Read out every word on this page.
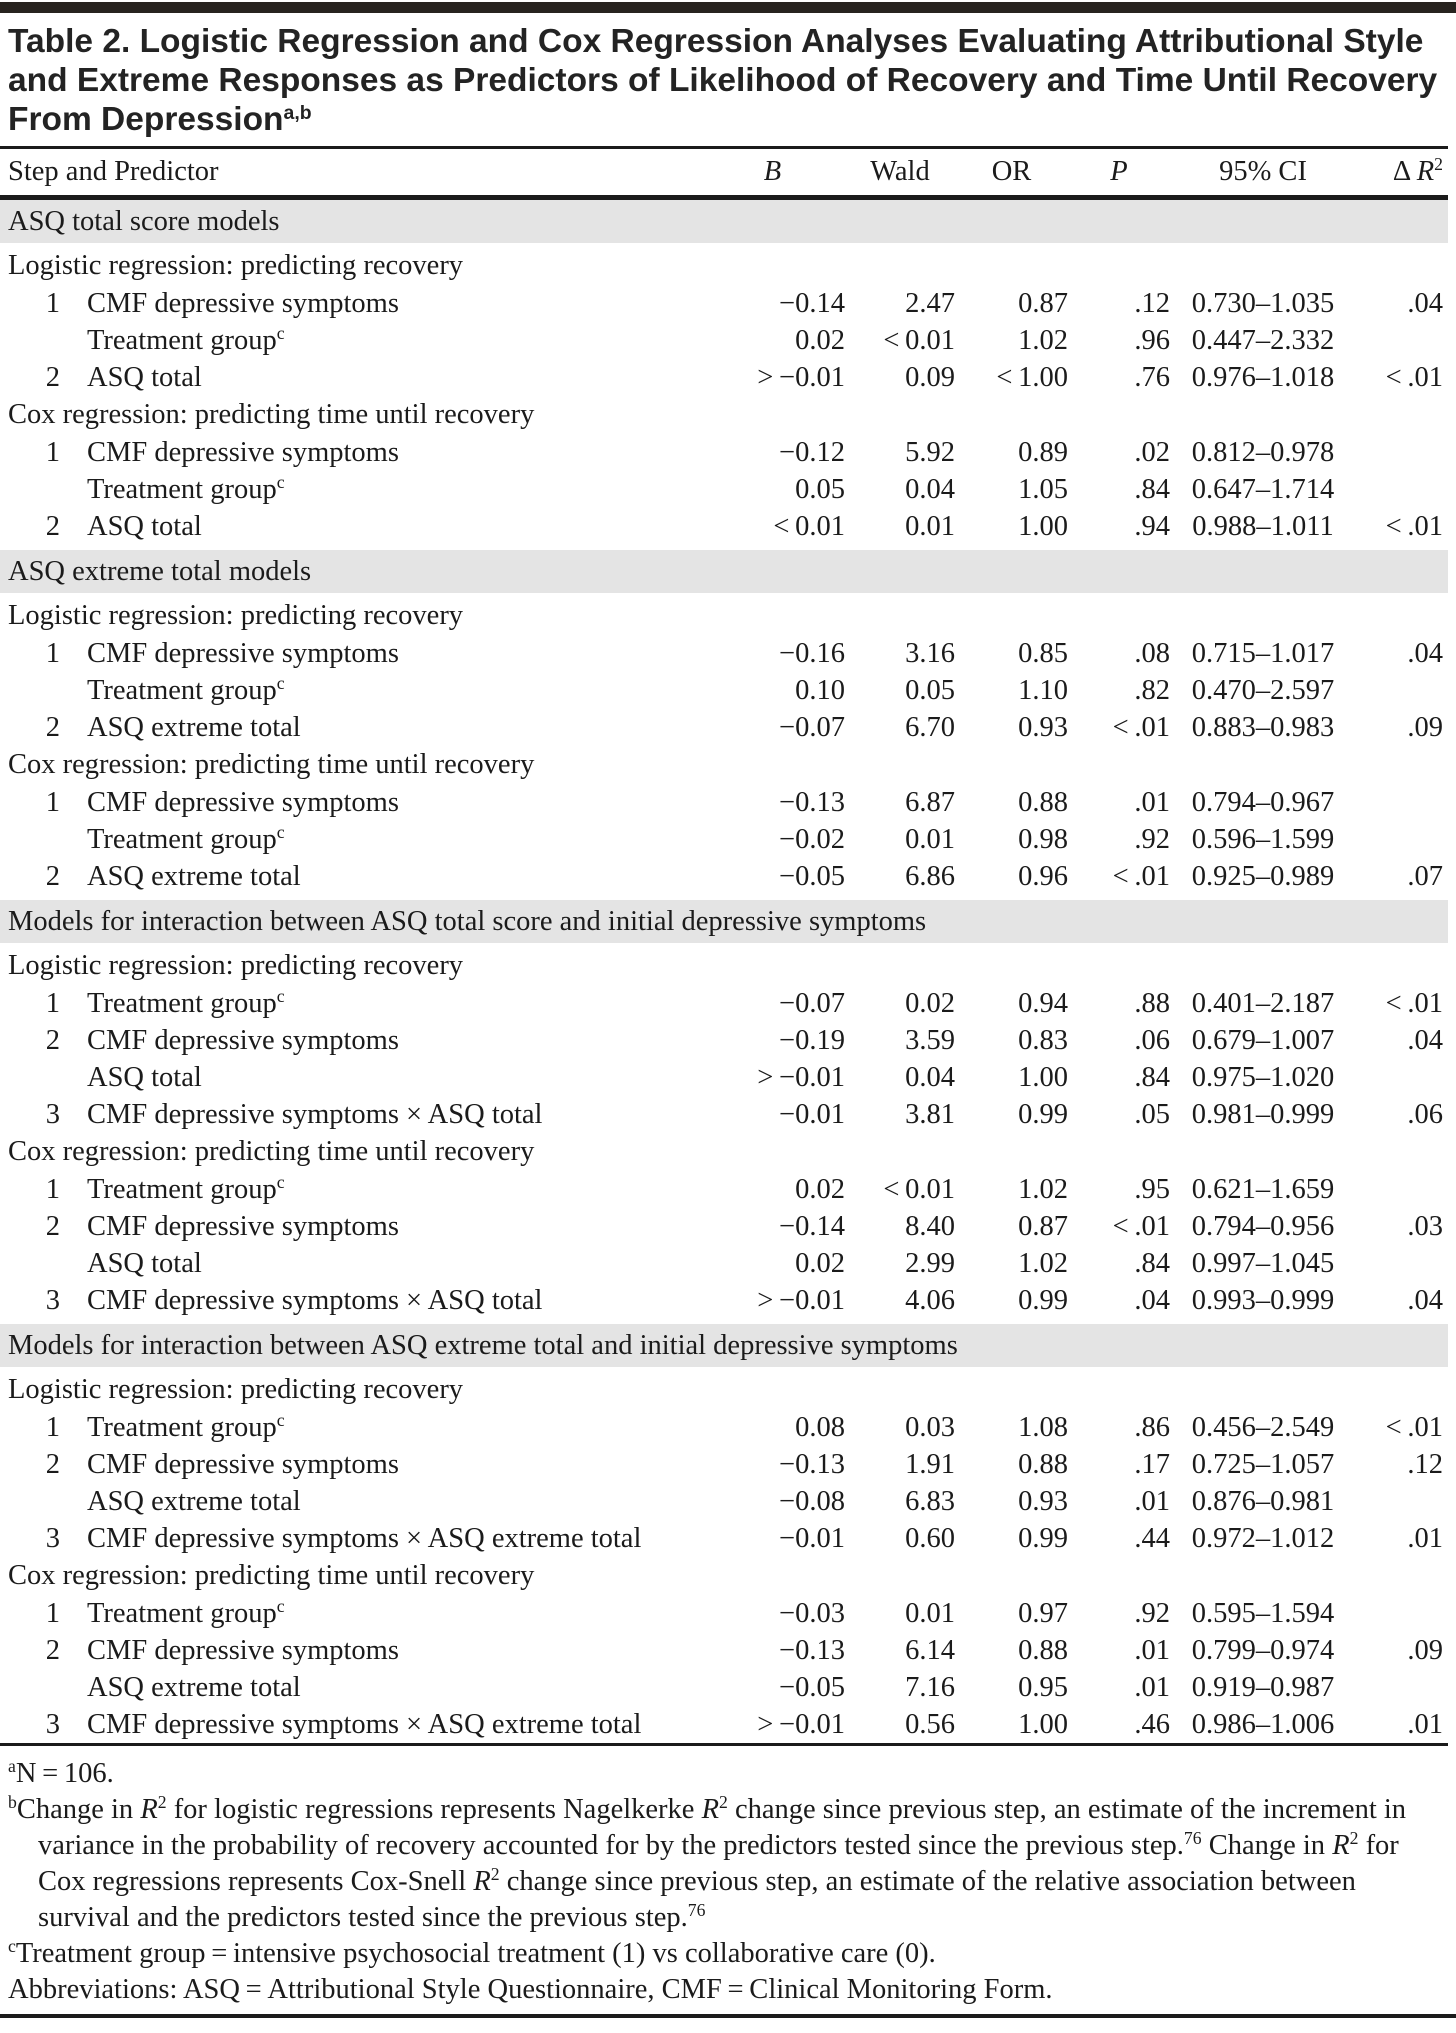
Table 2. Logistic Regression and Cox Regression Analyses Evaluating Attributional Style and Extreme Responses as Predictors of Likelihood of Recovery and Time Until Recovery From Depression$^{a,b}$
Step and Predictor	B	Wald	OR	P	95% CI	Δ $R^2$
ASQ total score models						
Logistic regression: predicting recovery						
1 CMF depressive symptoms	−0.14	2.47	0.87	.12	0.730–1.035	.04
Treatment group$^c$	0.02	< 0.01	1.02	.96	0.447–2.332	
2 ASQ total	> −0.01	0.09	< 1.00	.76	0.976–1.018	< .01
Cox regression: predicting time until recovery						
1 CMF depressive symptoms	−0.12	5.92	0.89	.02	0.812–0.978	
Treatment group$^c$	0.05	0.04	1.05	.84	0.647–1.714	
2 ASQ total	< 0.01	0.01	1.00	.94	0.988–1.011	< .01
ASQ extreme total models						
Logistic regression: predicting recovery						
1 CMF depressive symptoms	−0.16	3.16	0.85	.08	0.715–1.017	.04
Treatment group$^c$	0.10	0.05	1.10	.82	0.470–2.597	
2 ASQ extreme total	−0.07	6.70	0.93	< .01	0.883–0.983	.09
Cox regression: predicting time until recovery						
1 CMF depressive symptoms	−0.13	6.87	0.88	.01	0.794–0.967	
Treatment group$^c$	−0.02	0.01	0.98	.92	0.596–1.599	
2 ASQ extreme total	−0.05	6.86	0.96	< .01	0.925–0.989	.07
Models for interaction between ASQ total score and initial depressive symptoms						
Logistic regression: predicting recovery						
1 Treatment group$^c$	−0.07	0.02	0.94	.88	0.401–2.187	< .01
2 CMF depressive symptoms	−0.19	3.59	0.83	.06	0.679–1.007	.04
ASQ total	> −0.01	0.04	1.00	.84	0.975–1.020	
3 CMF depressive symptoms × ASQ total	−0.01	3.81	0.99	.05	0.981–0.999	.06
Cox regression: predicting time until recovery						
1 Treatment group$^c$	0.02	< 0.01	1.02	.95	0.621–1.659	
2 CMF depressive symptoms	−0.14	8.40	0.87	< .01	0.794–0.956	.03
ASQ total	0.02	2.99	1.02	.84	0.997–1.045	
3 CMF depressive symptoms × ASQ total	> −0.01	4.06	0.99	.04	0.993–0.999	.04
Models for interaction between ASQ extreme total and initial depressive symptoms						
Logistic regression: predicting recovery						
1 Treatment group$^c$	0.08	0.03	1.08	.86	0.456–2.549	< .01
2 CMF depressive symptoms	−0.13	1.91	0.88	.17	0.725–1.057	.12
ASQ extreme total	−0.08	6.83	0.93	.01	0.876–0.981	
3 CMF depressive symptoms × ASQ extreme total	−0.01	0.60	0.99	.44	0.972–1.012	.01
Cox regression: predicting time until recovery						
1 Treatment group$^c$	−0.03	0.01	0.97	.92	0.595–1.594	
2 CMF depressive symptoms	−0.13	6.14	0.88	.01	0.799–0.974	.09
ASQ extreme total	−0.05	7.16	0.95	.01	0.919–0.987	
3 CMF depressive symptoms × ASQ extreme total	> −0.01	0.56	1.00	.46	0.986–1.006	.01

$^a$N = 106.

$^b$Change in $R^2$ for logistic regressions represents Nagelkerke $R^2$ change since previous step, an estimate of the increment in variance in the probability of recovery accounted for by the predictors tested since the previous step.$^{76}$ Change in $R^2$ for Cox regressions represents Cox-Snell $R^2$ change since previous step, an estimate of the relative association between survival and the predictors tested since the previous step.$^{76}$

$^c$Treatment group = intensive psychosocial treatment (1) vs collaborative care (0).

Abbreviations: ASQ = Attributional Style Questionnaire, CMF = Clinical Monitoring Form.
